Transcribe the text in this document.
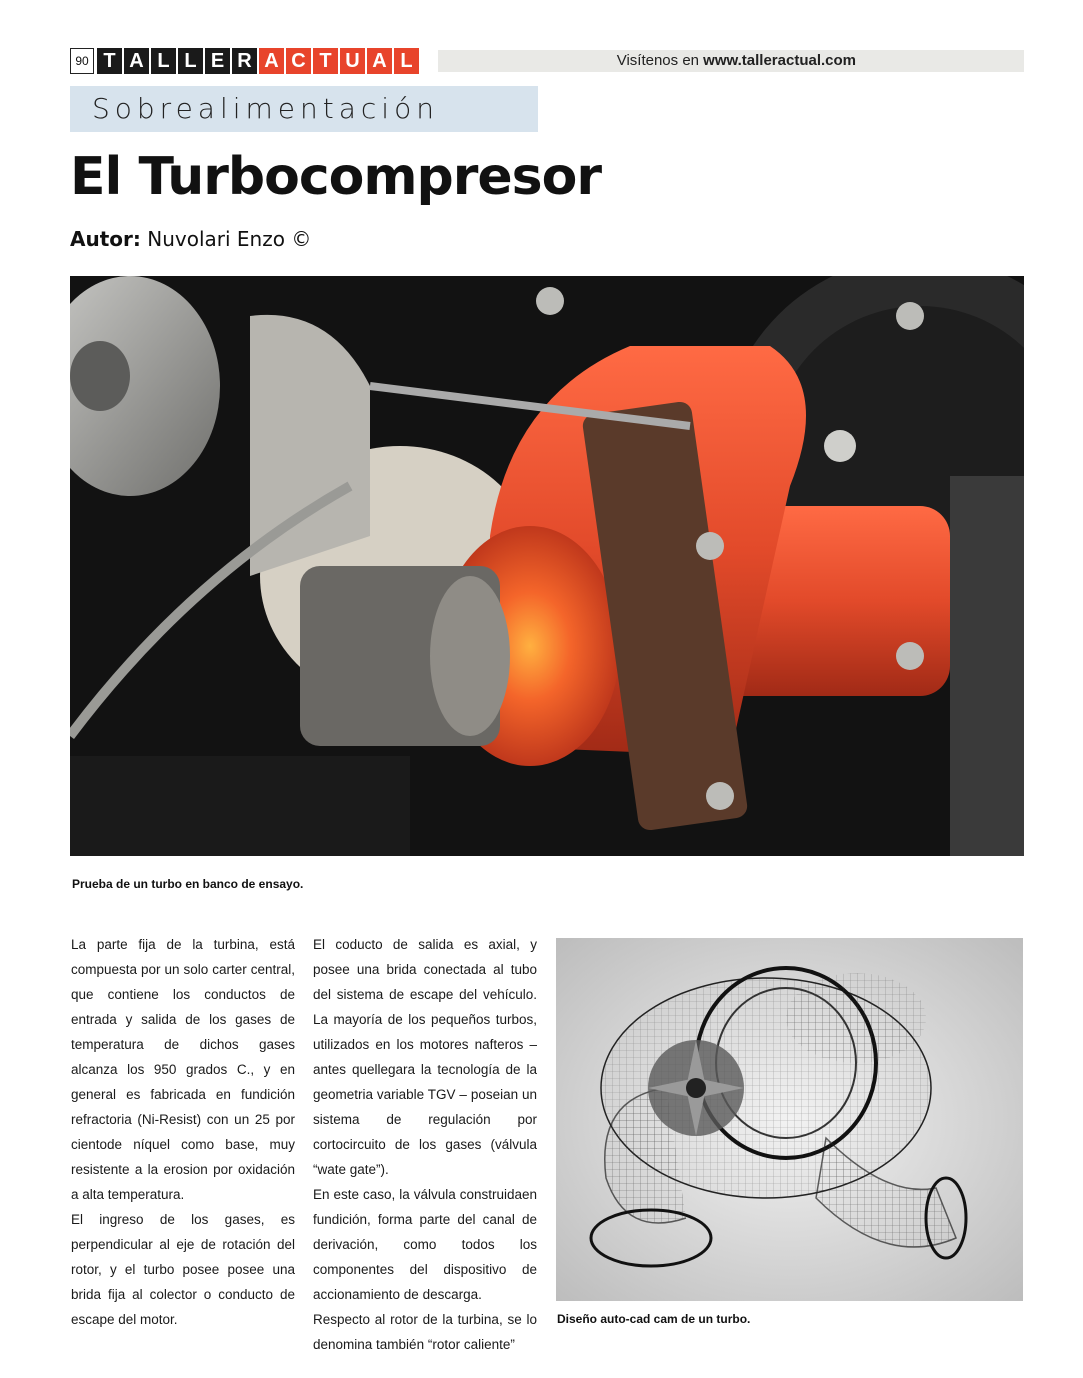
90 T A L L E R A C T U A L	Visítenos en www.talleractual.com
Sobrealimentación
El Turbocompresor
Autor: Nuvolari Enzo ©
Prueba de un turbo en banco de ensayo.

La parte fija de la turbina, está compuesta por un solo carter central, que contiene los conductos de entrada y salida de los gases de temperatura de dichos gases alcanza los 950 grados C., y en general es fabricada en fundición refractoria (Ni-Resist) con un 25 por cientode níquel como base, muy resistente a la erosion por oxidación a alta temperatura.

El ingreso de los gases, es perpendicular al eje de rotación del rotor, y el turbo posee posee una brida fija al colector o conducto de escape del motor.

El coducto de salida es axial, y posee una brida conectada al tubo del sistema de escape del vehículo. La mayoría de los pequeños turbos, utilizados en los motores nafteros – antes quellegara la tecnología de la geometria variable TGV – poseian un sistema de regulación por cortocircuito de los gases (válvula “wate gate”).

En este caso, la válvula construidaen fundición, forma parte del canal de derivación, como todos los componentes del dispositivo de accionamiento de descarga.

Respecto al rotor de la turbina, se lo denomina también “rotor caliente”

Diseño auto-cad cam de un turbo.
